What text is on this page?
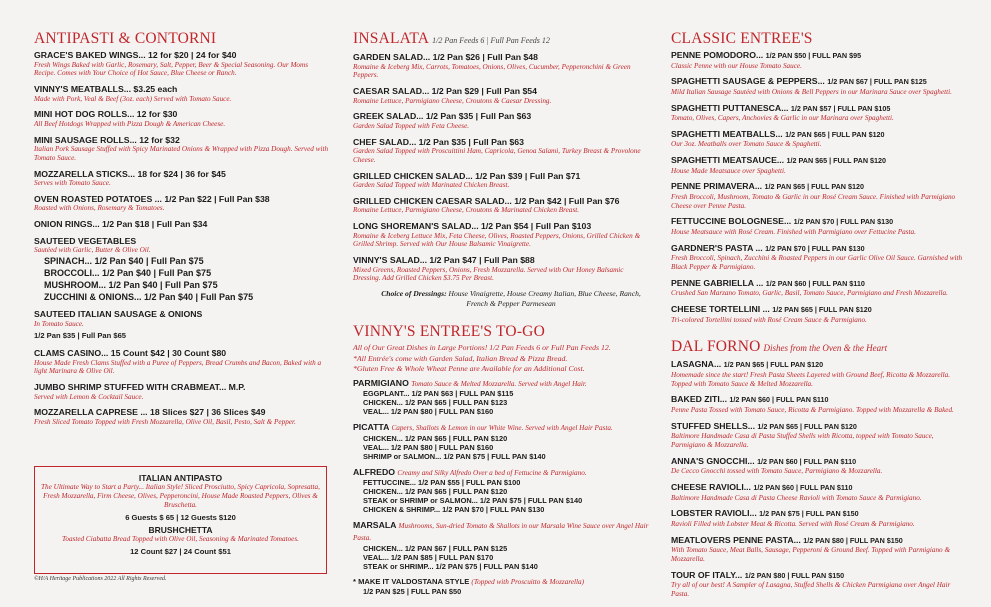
ANTIPASTI & CONTORNI
GRACE'S BAKED WINGS... 12 for $20 | 24 for $40
Fresh Wings Baked with Garlic, Rosemary, Salt, Pepper, Beer & Special Seasoning. Our Moms Recipe. Comes with Your Choice of Hot Sauce, Blue Cheese or Ranch.
VINNY'S MEATBALLS... $3.25 each
Made with Pork, Veal & Beef (3oz. each) Served with Tomato Sauce.
MINI HOT DOG ROLLS... 12 for $30
All Beef Hotdogs Wrapped with Pizza Dough & American Cheese.
MINI SAUSAGE ROLLS... 12 for $32
Italian Pork Sausage Stuffed with Spicy Marinated Onions & Wrapped with Pizza Dough. Served with Tomato Sauce.
MOZZARELLA STICKS... 18 for $24 | 36 for $45
Serves with Tomato Sauce.
OVEN ROASTED POTATOES ... 1/2 Pan $22 | Full Pan $38
Roasted with Onions, Rosemary & Tomatoes.
ONION RINGS... 1/2 Pan $18 | Full Pan $34
SAUTEED VEGETABLES
Sautéed with Garlic, Butter & Olive Oil.
SPINACH... 1/2 Pan $40 | Full Pan $75
BROCCOLI... 1/2 Pan $40 | Full Pan $75
MUSHROOM... 1/2 Pan $40 | Full Pan $75
ZUCCHINI & ONIONS... 1/2 Pan $40 | Full Pan $75
SAUTEED ITALIAN SAUSAGE & ONIONS
In Tomato Sauce.
1/2 Pan $35 | Full Pan $65
CLAMS CASINO... 15 Count $42 | 30 Count $80
House Made Fresh Clams Stuffed with a Puree of Peppers, Bread Crumbs and Bacon, Baked with a light Marinara & Olive Oil.
JUMBO SHRIMP STUFFED WITH CRABMEAT... M.P.
Served with Lemon & Cocktail Sauce.
MOZZARELLA CAPRESE ... 18 Slices $27 | 36 Slices $49
Fresh Sliced Tomato Topped with Fresh Mozzarella, Olive Oil, Basil, Pesto, Salt & Pepper.
ITALIAN ANTIPASTO
The Ultimate Way to Start a Party... Italian Style! Sliced Prosciutto, Spicy Capricola, Sopresatta, Fresh Mozzarella, Firm Cheese, Olives, Pepperoncini, House Made Roasted Peppers, Olives & Bruschetta.
6 Guests $ 65 | 12 Guests $120
BRUSHCHETTA
Toasted Ciabatta Bread Topped with Olive Oil, Seasoning & Marinated Tomatoes.
12 Count $27 | 24 Count $51
©H/A Heritage Publications 2022 All Rights Reserved.
INSALATA 1/2 Pan Feeds 6 | Full Pan Feeds 12
GARDEN SALAD... 1/2 Pan $26 | Full Pan $48
Romaine & Iceberg Mix, Carrots, Tomatoes, Onions, Olives, Cucumber, Pepperonchini & Green Peppers.
CAESAR SALAD... 1/2 Pan $29 | Full Pan $54
Romaine Lettuce, Parmigiano Cheese, Croutons & Caesar Dressing.
GREEK SALAD... 1/2 Pan $35 | Full Pan $63
Garden Salad Topped with Feta Cheese.
CHEF SALAD... 1/2 Pan $35 | Full Pan $63
Garden Salad Topped with Proscuittini Ham, Capricola, Genoa Salami, Turkey Breast & Provolone Cheese.
GRILLED CHICKEN SALAD... 1/2 Pan $39 | Full Pan $71
Garden Salad Topped with Marinated Chicken Breast.
GRILLED CHICKEN CAESAR SALAD... 1/2 Pan $42 | Full Pan $76
Romaine Lettuce, Parmigiano Cheese, Croutons & Marinated Chicken Breast.
LONG SHOREMAN'S SALAD... 1/2 Pan $54 | Full Pan $103
Romaine & Iceberg Lettuce Mix, Feta Cheese, Olives, Roasted Peppers, Onions, Grilled Chicken & Grilled Shrimp. Served with Our House Balsamic Vinaigrette.
VINNY'S SALAD... 1/2 Pan $47 | Full Pan $88
Mixed Greens, Roasted Peppers, Onions, Fresh Mozzarella. Served with Our Honey Balsamic Dressing. Add Grilled Chicken $3.75 Per Breast.
Choice of Dressings: House Vinaigrette, House Creamy Italian, Blue Cheese, Ranch, French & Pepper Parmesean
VINNY'S ENTREE'S TO-GO
All of Our Great Dishes in Large Portions! 1/2 Pan Feeds 6 or Full Pan Feeds 12.
*All Entrée's come with Garden Salad, Italian Bread & Pizza Bread.
*Gluten Free & Whole Wheat Penne are Available for an Additional Cost.
PARMIGIANO Tomato Sauce & Melted Mozzarella. Served with Angel Hair.
EGGPLANT... 1/2 PAN $63 | FULL PAN $115
CHICKEN... 1/2 PAN $65 | FULL PAN $123
VEAL... 1/2 PAN $80 | FULL PAN $160
PICATTA Capers, Shallots & Lemon in our White Wine. Served with Angel Hair Pasta.
CHICKEN... 1/2 PAN $65 | FULL PAN $120
VEAL... 1/2 PAN $80 | FULL PAN $160
SHRIMP or SALMON... 1/2 PAN $75 | FULL PAN $140
ALFREDO Creamy and Silky Alfredo Over a bed of Fettucine & Parmigiano.
FETTUCCINE... 1/2 PAN $55 | FULL PAN $100
CHICKEN... 1/2 PAN $65 | FULL PAN $120
STEAK or SHRIMP or SALMON... 1/2 PAN $75 | FULL PAN $140
CHICKEN & SHRIMP... 1/2 PAN $70 | FULL PAN $130
MARSALA Mushrooms, Sun-dried Tomato & Shallots in our Marsala Wine Sauce over Angel Hair Pasta.
CHICKEN... 1/2 PAN $67 | FULL PAN $125
VEAL... 1/2 PAN $85 | FULL PAN $170
STEAK or SHRIMP... 1/2 PAN $75 | FULL PAN $140
* MAKE IT VALDOSTANA STYLE (Topped with Proscuitto & Mozzarella)
1/2 PAN $25 | FULL PAN $50
CLASSIC ENTREE'S
PENNE POMODORO... 1/2 PAN $50 | FULL PAN $95
Classic Penne with our House Tomato Sauce.
SPAGHETTI SAUSAGE & PEPPERS... 1/2 PAN $67 | FULL PAN $125
Mild Italian Sausage Sautéed with Onions & Bell Peppers in our Marinara Sauce over Spaghetti.
SPAGHETTI PUTTANESCA... 1/2 PAN $57 | FULL PAN $105
Tomato, Olives, Capers, Anchovies & Garlic in our Marinara over Spaghetti.
SPAGHETTI MEATBALLS... 1/2 PAN $65 | FULL PAN $120
Our 3oz. Meatballs over Tomato Sauce & Spaghetti.
SPAGHETTI MEATSAUCE... 1/2 PAN $65 | FULL PAN $120
House Made Meatsauce over Spaghetti.
PENNE PRIMAVERA... 1/2 PAN $65 | FULL PAN $120
Fresh Broccoli, Mushroom, Tomato & Garlic in our Rosé Cream Sauce. Finished with Parmigiano Cheese over Penne Pasta.
FETTUCCINE BOLOGNESE... 1/2 PAN $70 | FULL PAN $130
House Meatsauce with Rosé Cream. Finished with Parmigiano over Fettucine Pasta.
GARDNER'S PASTA ... 1/2 PAN $70 | FULL PAN $130
Fresh Broccoli, Spinach, Zucchini & Roasted Peppers in our Garlic Olive Oil Sauce. Garnished with Black Pepper & Parmigiano.
PENNE GABRIELLA ... 1/2 PAN $60 | FULL PAN $110
Crushed San Marzano Tomato, Garlic, Basil, Tomato Sauce, Parmigiano and Fresh Mozzarella.
CHEESE TORTELLINI ... 1/2 PAN $65 | FULL PAN $120
Tri-colored Tortellini tossed with Rosé Cream Sauce & Parmigiano.
DAL FORNO Dishes from the Oven & the Heart
LASAGNA... 1/2 PAN $65 | FULL PAN $120
Homemade since the start! Fresh Pasta Sheets Layered with Ground Beef, Ricotta & Mozzarella. Topped with Tomato Sauce & Melted Mozzarella.
BAKED ZITI... 1/2 PAN $60 | FULL PAN $110
Penne Pasta Tossed with Tomato Sauce, Ricotta & Parmigiano. Topped with Mozzarella & Baked.
STUFFED SHELLS... 1/2 PAN $65 | FULL PAN $120
Baltimore Handmade Casa di Pasta Stuffed Shells with Ricotta, topped with Tomato Sauce, Parmigiano & Mozzarella.
ANNA'S GNOCCHI... 1/2 PAN $60 | FULL PAN $110
De Cecco Gnocchi tossed with Tomato Sauce, Parmigiano & Mozzarella.
CHEESE RAVIOLI... 1/2 PAN $60 | FULL PAN $110
Baltimore Handmade Casa di Pasta Cheese Ravioli with Tomato Sauce & Parmigiano.
LOBSTER RAVIOLI... 1/2 PAN $75 | FULL PAN $150
Ravioli Filled with Lobster Meat & Ricotta. Served with Rosé Cream & Parmigiano.
MEATLOVERS PENNE PASTA... 1/2 PAN $80 | FULL PAN $150
With Tomato Sauce, Meat Balls, Sausage, Pepperoni & Ground Beef. Topped with Parmigiano & Mozzarella.
TOUR OF ITALY... 1/2 PAN $80 | FULL PAN $150
Try all of our best! A Sampler of Lasagna, Stuffed Shells & Chicken Parmigiana over Angel Hair Pasta.
